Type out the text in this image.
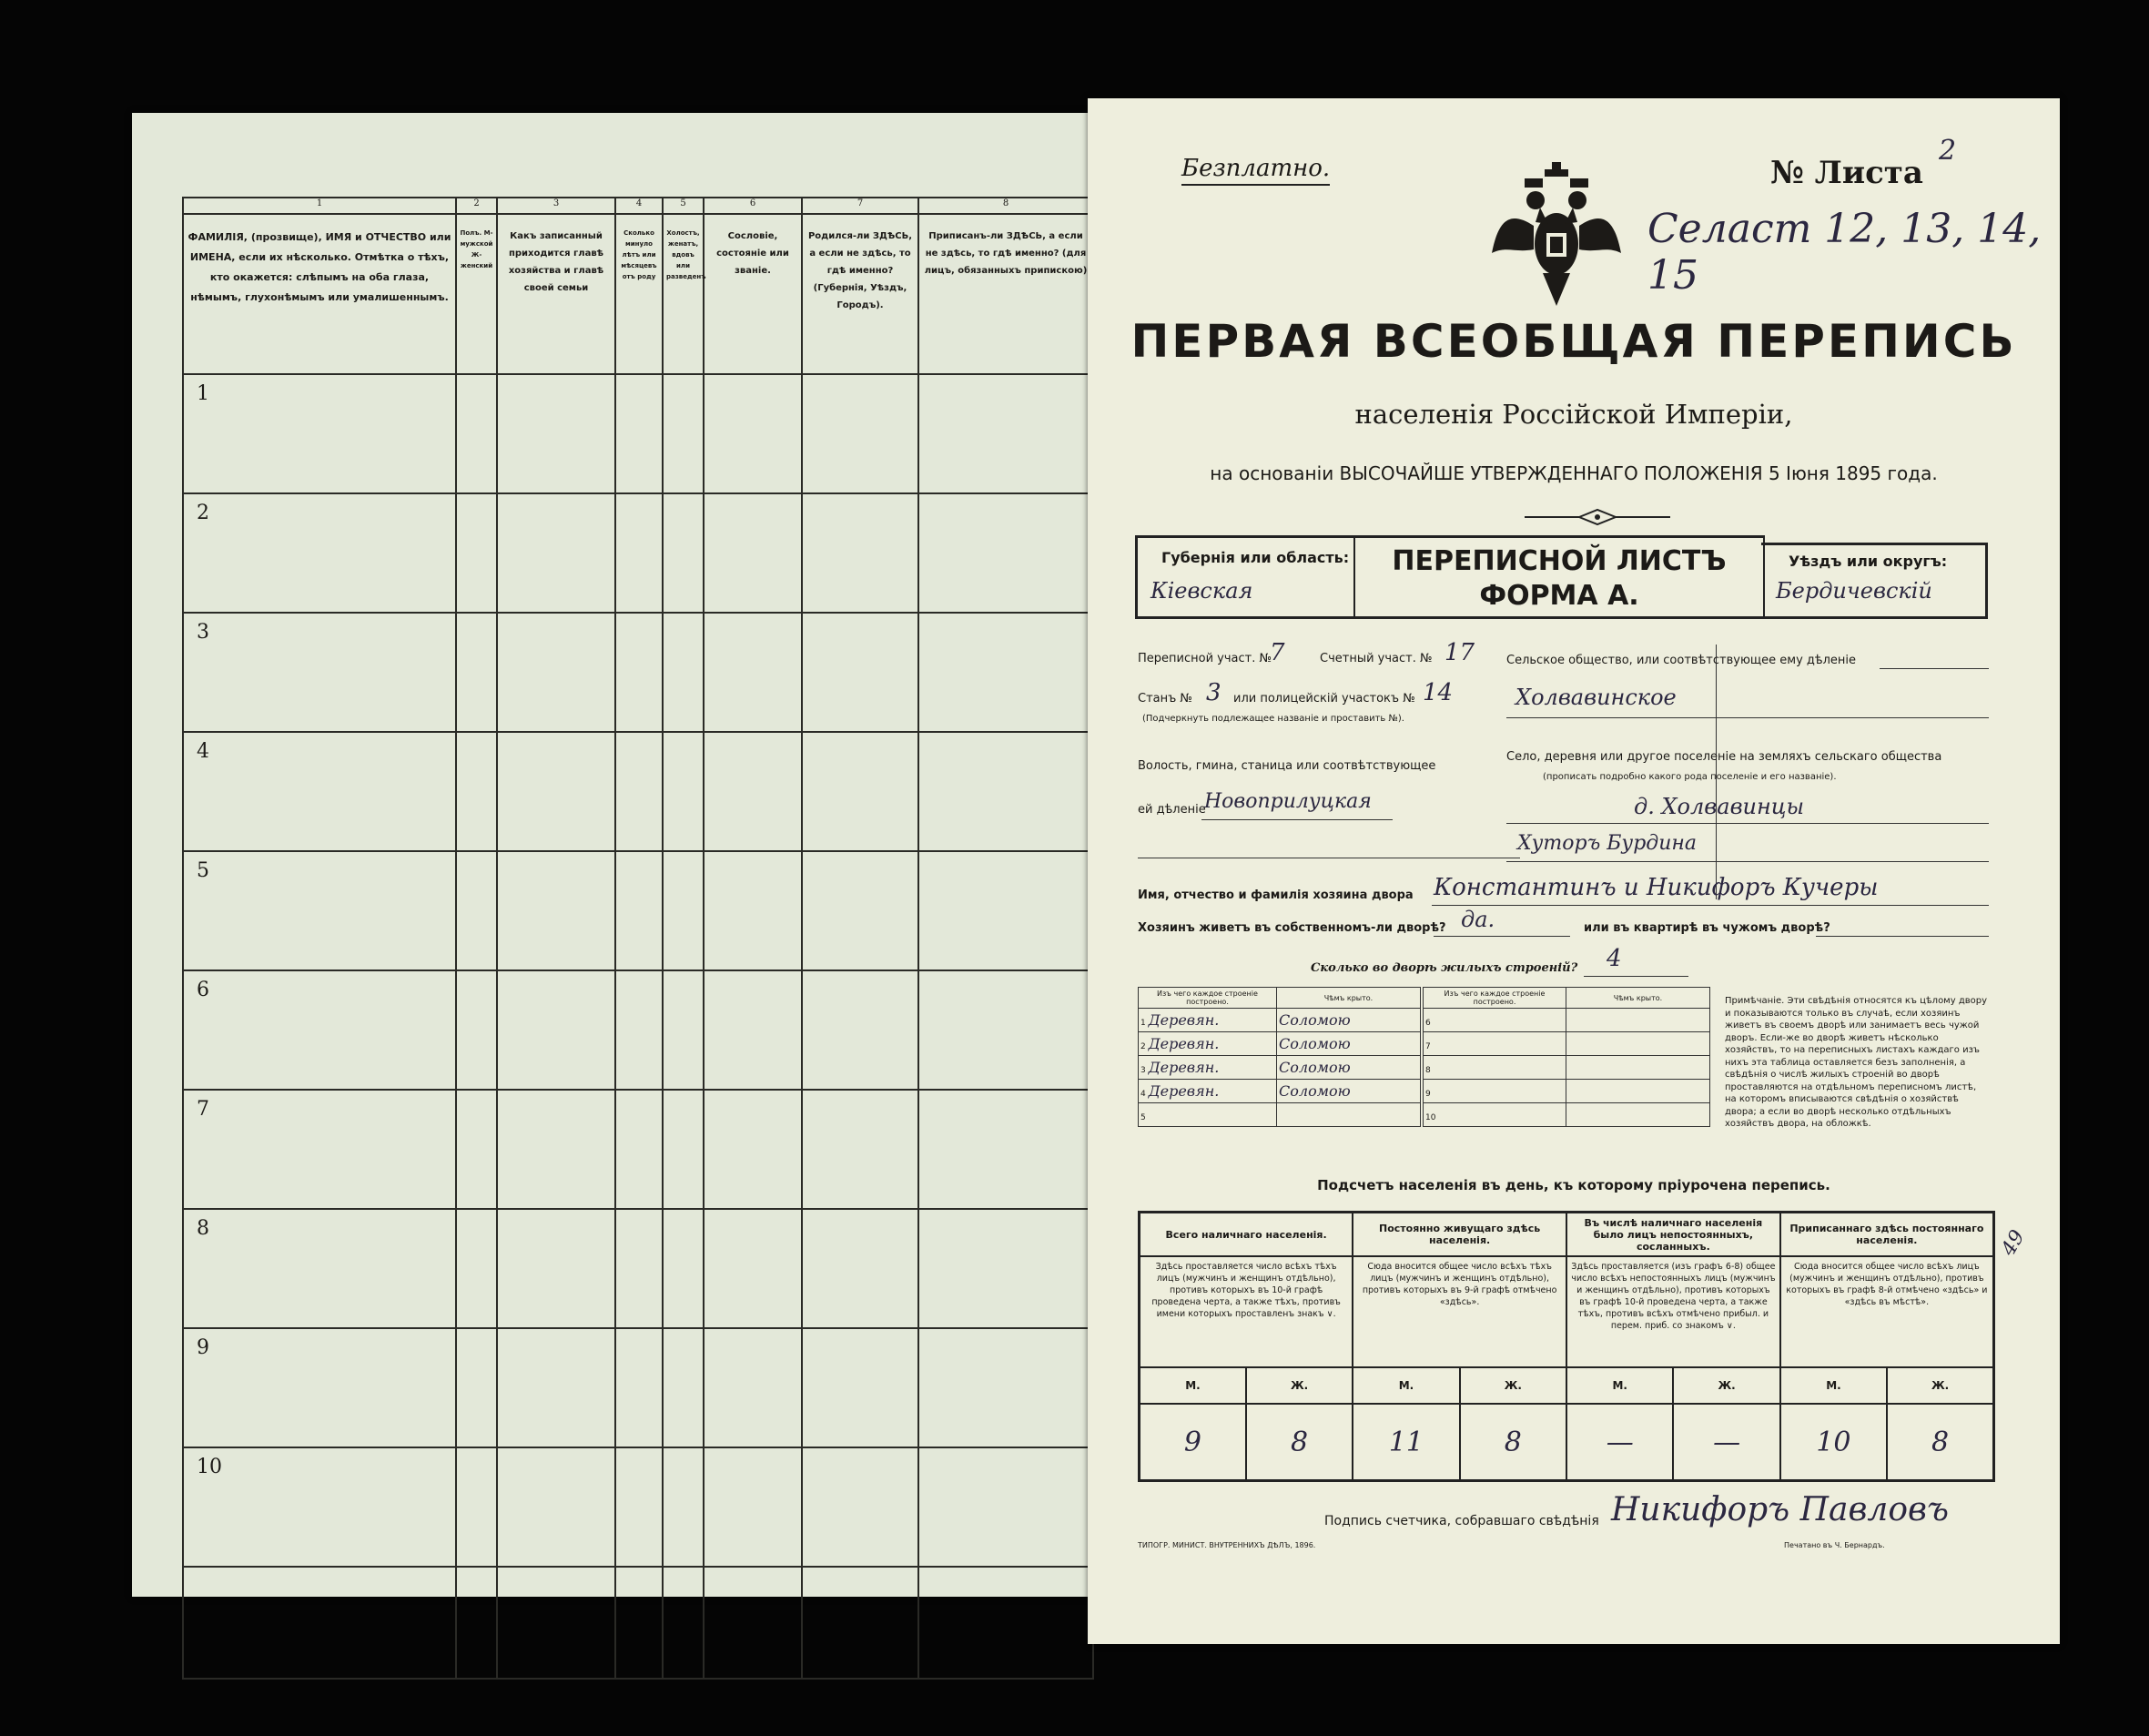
1	2	3	4	5	6	7	8
ФАМИЛІЯ, (прозвище), ИМЯ и ОТЧЕСТВО или ИМЕНА, если их нѣсколько. Отмѣтка о тѣхъ, кто окажется: слѣпымъ на оба глаза, нѣмымъ, глухонѣмымъ или умалишеннымъ.	Полъ. М-мужской Ж-женский	Какъ записанный приходится главѣ хозяйства и главѣ своей семьи	Сколько минуло лѣтъ или мѣсяцевъ отъ роду	Холостъ, женатъ, вдовъ или разведенъ	Сословіе, состояніе или званіе.	Родился-ли ЗДѢСЬ, а если не здѣсь, то гдѣ именно? (Губернія, Уѣздъ, Городъ).	Приписанъ-ли ЗДѢСЬ, а если не здѣсь, то гдѣ именно? (для лицъ, обязанныхъ припискою)
1							
2							
3							
4							
5							
6							
7							
8							
9							
10							

Безплатно.	№ Листа
2
Селаст 12, 13, 14, 15
ПЕРВАЯ ВСЕОБЩАЯ ПЕРЕПИСЬ
населенія Россійской Имперіи,
на основаніи ВЫСОЧАЙШЕ УТВЕРЖДЕННАГО ПОЛОЖЕНІЯ 5 Іюня 1895 года.
Губернія или область:
Кіевская
ПЕРЕПИСНОЙ ЛИСТЪ
ФОРМА А.
Уѣздъ или округъ:
Бердичевскій
Переписной участ. №
7	Счетный участ. № 17
Станъ № 3 или полицейскій участокъ № 14
(Подчеркнуть подлежащее названіе и проставить №).
Волость, гмина, станица или соотвѣтствующее
ей дѣленіе
Новоприлуцкая
Сельское общество, или соотвѣтствующее ему дѣленіе
Холвавинское
Село, деревня или другое поселеніе на земляхъ сельскаго общества
(прописать подробно какого рода поселеніе и его названіе).
д. Холвавинцы
Хуторъ Бурдина
Имя, отчество и фамилія хозяина двора Константинъ и Никифоръ Кучеры
Хозяинъ живетъ въ собственномъ-ли дворѣ? да.	или въ квартирѣ въ чужомъ дворѣ?
Сколько во дворѣ жилыхъ строеній? 4
Изъ чего каждое строеніе построено.	Чѣмъ крыто.
1 Деревян.	Соломою
2 Деревян.	Соломою
3 Деревян.	Соломою
4 Деревян.	Соломою
5	
Изъ чего каждое строеніе построено.	Чѣмъ крыто.
6	
7	
8	
9	
10	
Примѣчаніе. Эти свѣдѣнія относятся къ цѣлому двору и показываются только въ случаѣ, если хозяинъ живетъ въ своемъ дворѣ или занимаетъ весь чужой дворъ. Если-же во дворѣ живетъ нѣсколько хозяйствъ, то на переписныхъ листахъ каждаго изъ нихъ эта таблица оставляется безъ заполненія, а свѣдѣнія о числѣ жилыхъ строеній во дворѣ проставляются на отдѣльномъ переписномъ листѣ, на которомъ вписываются свѣдѣнія о хозяйствѣ двора; а если во дворѣ несколько отдѣльныхъ хозяйствъ двора, на обложкѣ.
Подсчетъ населенія въ день, къ которому пріурочена перепись.
Всего наличнаго населенія.		Постоянно живущаго здѣсь населенія.		Въ числѣ наличнаго населенія было лицъ непостоянныхъ, сосланныхъ.		Приписаннаго здѣсь постояннаго населенія.	
Здѣсь проставляется число всѣхъ тѣхъ лицъ (мужчинъ и женщинъ отдѣльно), противъ которыхъ въ 10-й графѣ проведена черта, а также тѣхъ, противъ имени которыхъ проставленъ знакъ ∨.		Сюда вносится общее число всѣхъ тѣхъ лицъ (мужчинъ и женщинъ отдѣльно), противъ которыхъ въ 9-й графѣ отмѣчено «здѣсь».		Здѣсь проставляется (изъ графъ 6-8) общее число всѣхъ непостоянныхъ лицъ (мужчинъ и женщинъ отдѣльно), противъ которыхъ въ графѣ 10-й проведена черта, а также тѣхъ, противъ всѣхъ отмѣчено прибыл. и перем. приб. со знакомъ ∨.		Сюда вносится общее число всѣхъ лицъ (мужчинъ и женщинъ отдѣльно), противъ которыхъ въ графѣ 8-й отмѣчено «здѣсь» и «здѣсь въ мѣстѣ».	
М.	Ж.	М.	Ж.	М.	Ж.	М.	Ж.
9	8	11	8	—	—	10	8
49
Подпись счетчика, собравшаго свѣдѣнія Никифоръ Павловъ
ТИПОГР. МИНИСТ. ВНУТРЕННИХЪ ДѢЛЪ, 1896.	Печатано въ Ч. Бернардъ.
